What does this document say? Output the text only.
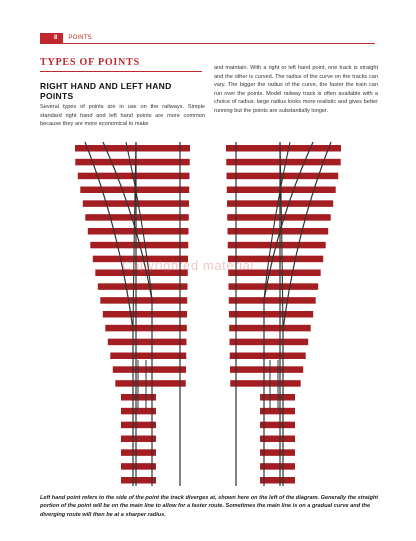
8	POINTS
TYPES OF POINTS
RIGHT HAND AND LEFT HAND POINTS

Several types of points are in use on the railways. Simple standard right hand and left hand points are more common because they are more economical to make

and maintain. With a right or left hand point, one track is straight and the other is curved. The radius of the curve on the tracks can vary. The bigger the radius of the curve, the faster the train can run over the points. Model railway track is often available with a choice of radius: large radius looks more realistic and gives better running but the points are substantially longer.

Copyrighted material

Left hand point refers to the side of the point the track diverges at, shown here on the left of the diagram. Generally the straight portion of the point will be on the main line to allow for a faster route. Sometimes the main line is on a gradual curve and the diverging route will then be at a sharper radius.
